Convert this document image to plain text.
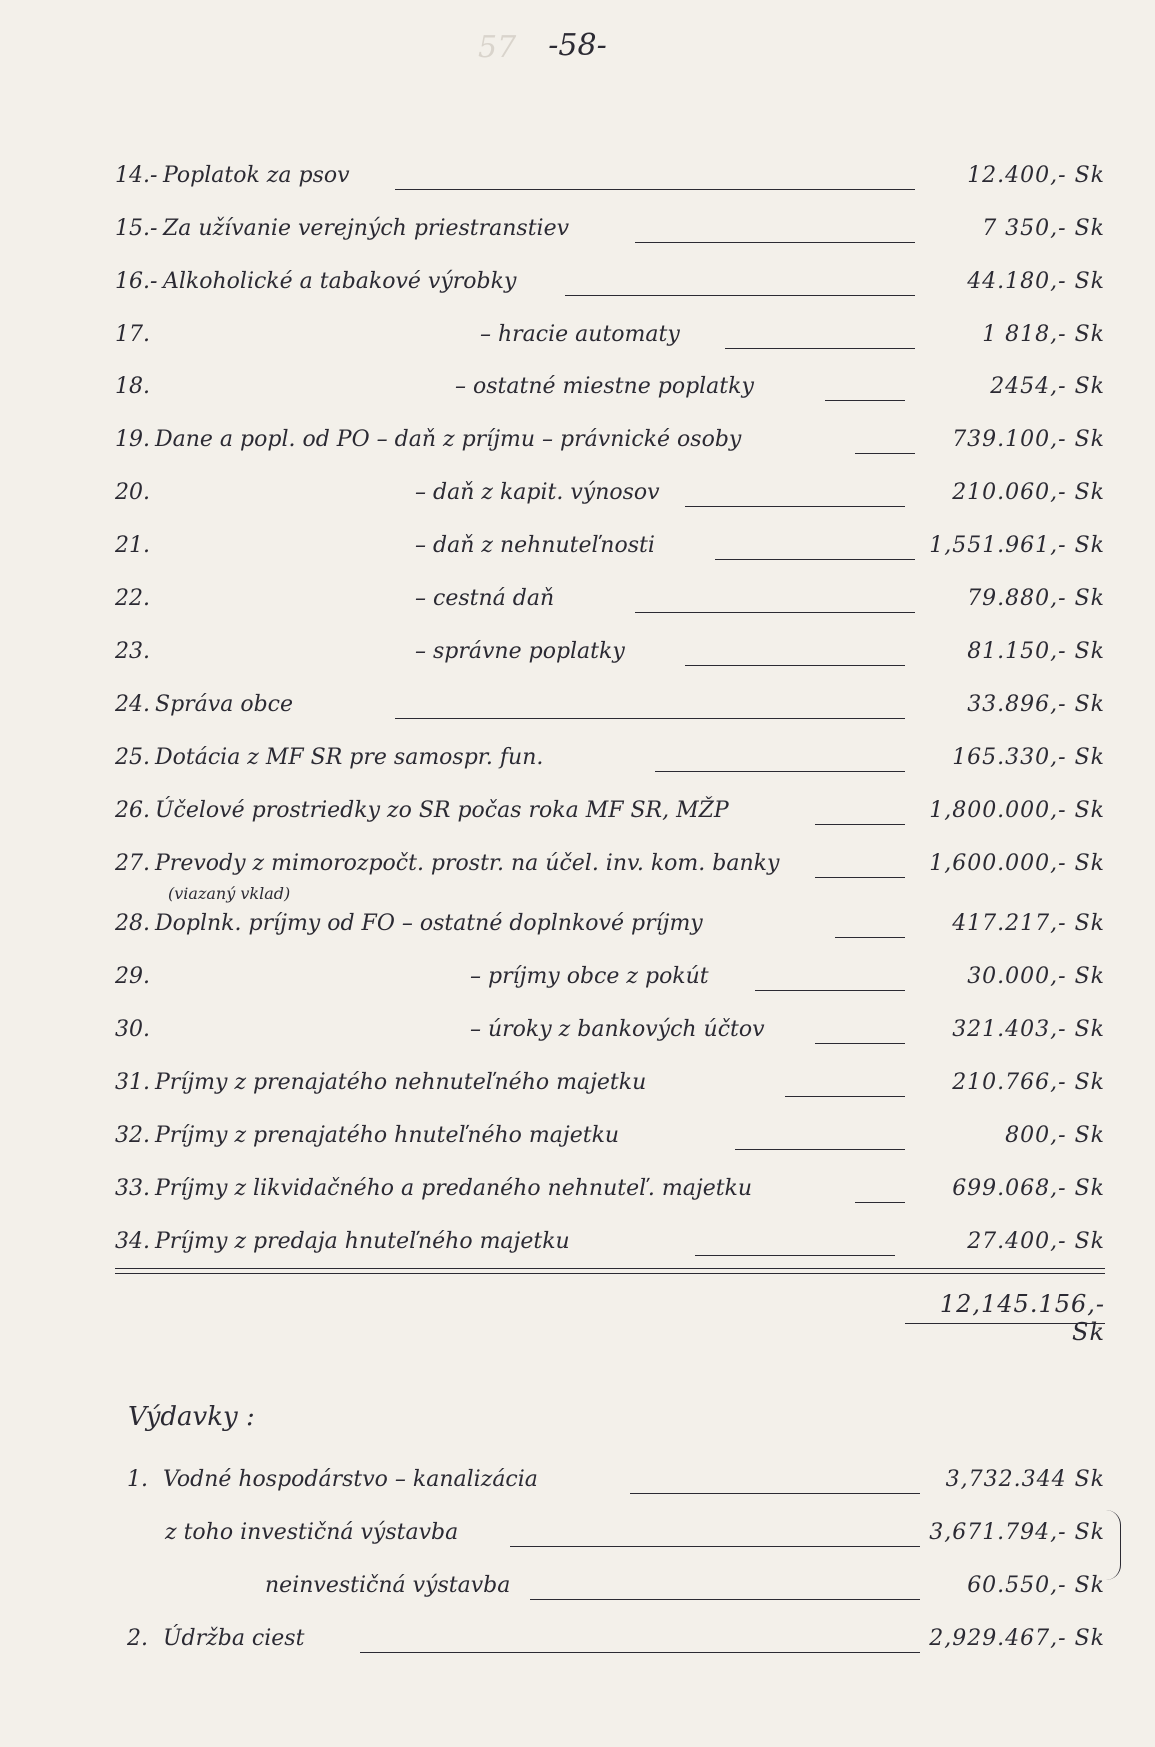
57	-58-
14.- Poplatok za psov	12.400,- Sk
15.- Za užívanie verejných priestranstiev	7 350,- Sk
16.- Alkoholické a tabakové výrobky	44.180,- Sk
17.	– hracie automaty	1 818,- Sk
18.	– ostatné miestne poplatky	2454,- Sk
19. Dane a popl. od PO – daň z príjmu – právnické osoby	739.100,- Sk
20.	– daň z kapit. výnosov	210.060,- Sk
21.	– daň z nehnuteľnosti	1,551.961,- Sk
22.	– cestná daň	79.880,- Sk
23.	– správne poplatky	81.150,- Sk
24. Správa obce	33.896,- Sk
25. Dotácia z MF SR pre samospr. fun.	165.330,- Sk
26. Účelové prostriedky zo SR počas roka MF SR, MŽP	1,800.000,- Sk
27. Prevody z mimorozpočt. prostr. na účel. inv. kom. banky	1,600.000,- Sk
(viazaný vklad)
28. Doplnk. príjmy od FO – ostatné doplnkové príjmy	417.217,- Sk
29.	– príjmy obce z pokút	30.000,- Sk
30.	– úroky z bankových účtov	321.403,- Sk
31. Príjmy z prenajatého nehnuteľného majetku	210.766,- Sk
32. Príjmy z prenajatého hnuteľného majetku	800,- Sk
33. Príjmy z likvidačného a predaného nehnuteľ. majetku	699.068,- Sk
34. Príjmy z predaja hnuteľného majetku	27.400,- Sk
12,145.156,- Sk
Výdavky :
1. Vodné hospodárstvo – kanalizácia	3,732.344 Sk
z toho investičná výstavba	3,671.794,- Sk
neinvestičná výstavba	60.550,- Sk
2. Údržba ciest	2,929.467,- Sk
